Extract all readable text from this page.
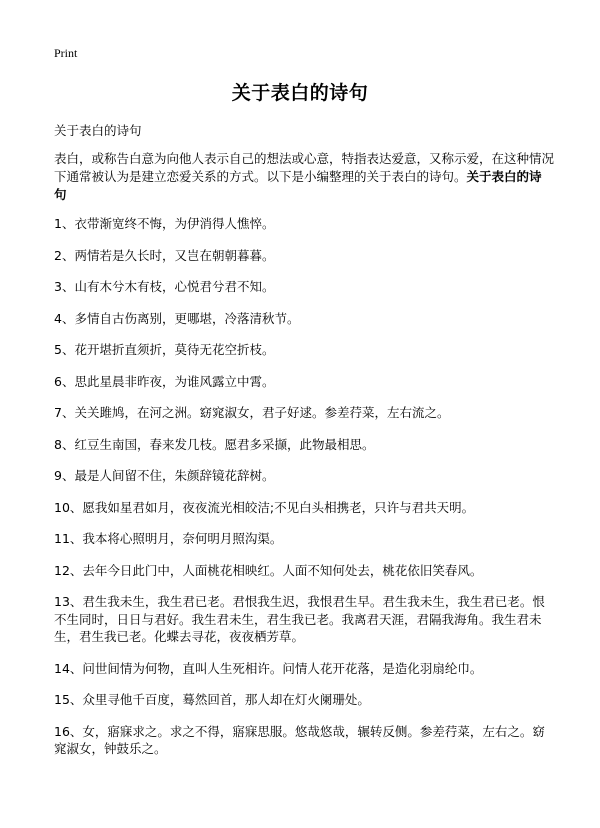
Print
关于表白的诗句

关于表白的诗句

表白，或称告白意为向他人表示自己的想法或心意，特指表达爱意，又称示爱，在这种情况下通常被认为是建立恋爱关系的方式。以下是小编整理的关于表白的诗句。关于表白的诗句

1、衣带渐宽终不悔，为伊消得人憔悴。
2、两情若是久长时，又岂在朝朝暮暮。
3、山有木兮木有枝，心悦君兮君不知。
4、多情自古伤离别，更哪堪，冷落清秋节。
5、花开堪折直须折，莫待无花空折枝。
6、思此星晨非昨夜，为谁风露立中霄。
7、关关雎鸠，在河之洲。窈窕淑女，君子好逑。参差荇菜，左右流之。
8、红豆生南国，春来发几枝。愿君多采撷，此物最相思。
9、最是人间留不住，朱颜辞镜花辞树。
10、愿我如星君如月，夜夜流光相皎洁;不见白头相携老，只许与君共天明。
11、我本将心照明月，奈何明月照沟渠。
12、去年今日此门中，人面桃花相映红。人面不知何处去，桃花依旧笑春风。
13、君生我未生，我生君已老。君恨我生迟，我恨君生早。君生我未生，我生君已老。恨不生同时，日日与君好。我生君未生，君生我已老。我离君天涯，君隔我海角。我生君未生，君生我已老。化蝶去寻花，夜夜栖芳草。
14、问世间情为何物，直叫人生死相许。问情人花开花落，是造化羽扇纶巾。
15、众里寻他千百度，蓦然回首，那人却在灯火阑珊处。
16、女，寤寐求之。求之不得，寤寐思服。悠哉悠哉，辗转反侧。参差荇菜，左右之。窈窕淑女，钟鼓乐之。
